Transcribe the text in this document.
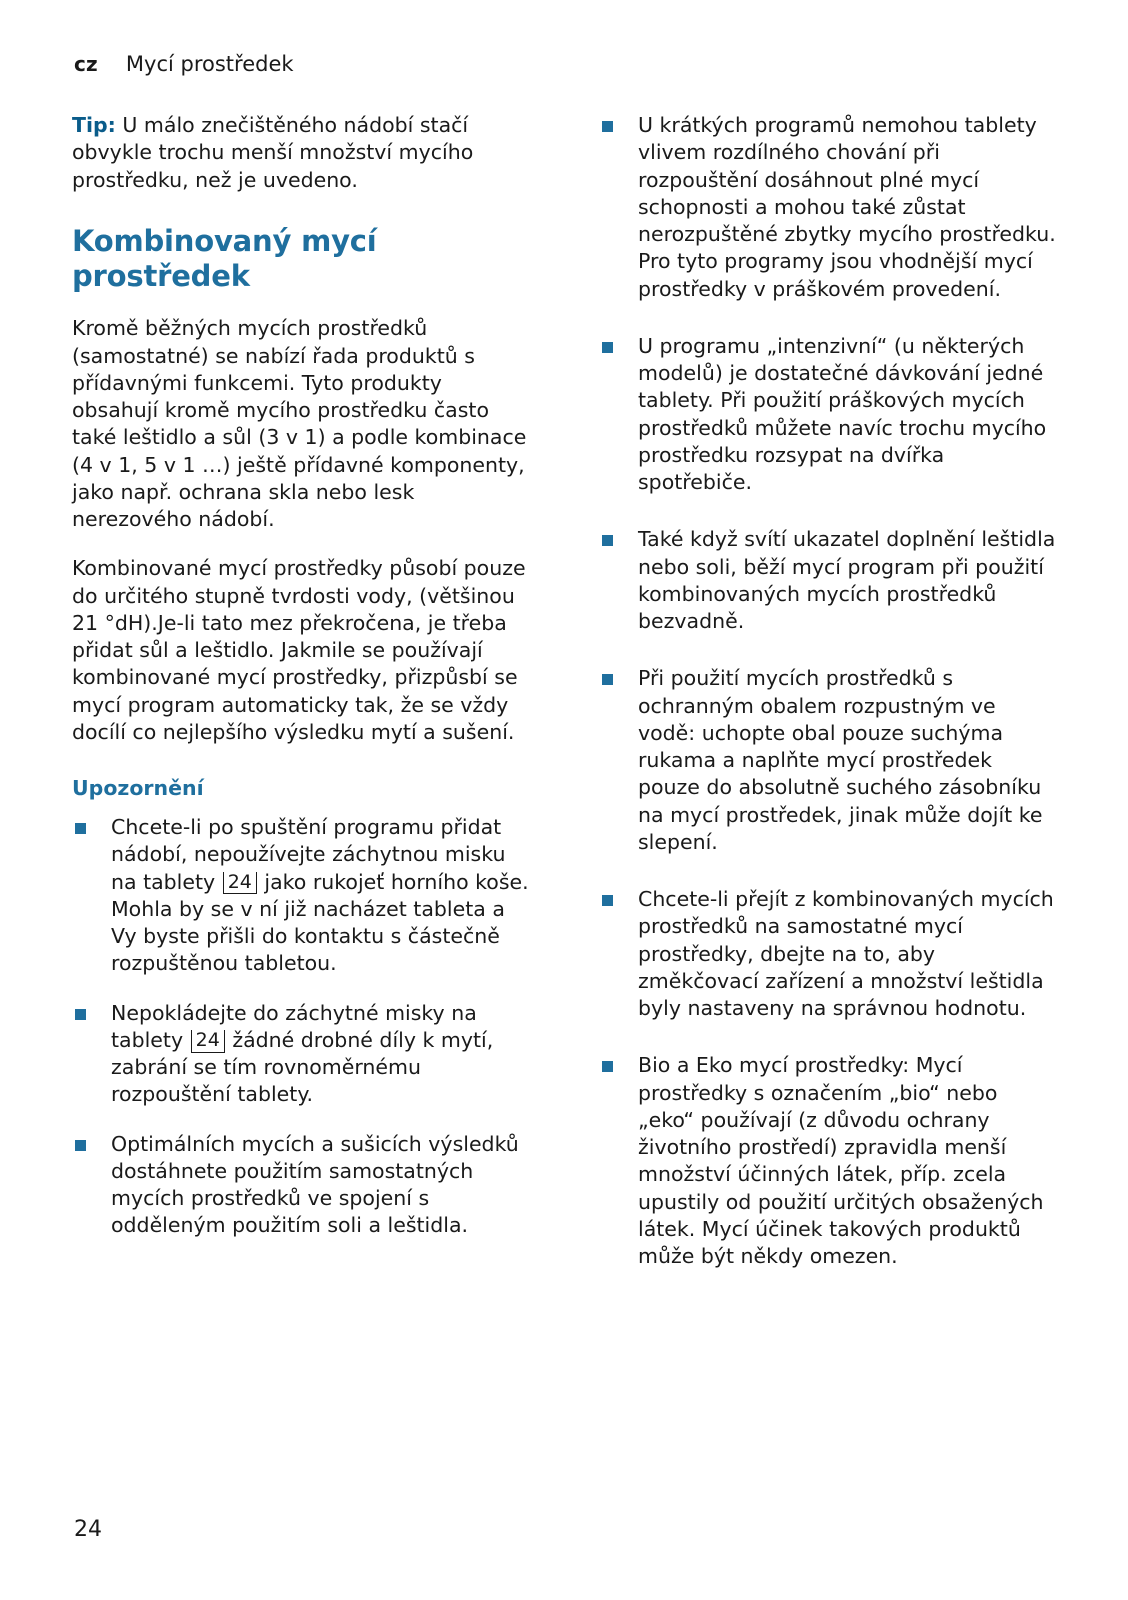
cz Mycí prostředek

Tip: U málo znečištěného nádobí stačí obvykle trochu menší množství mycího prostředku, než je uvedeno.

Kombinovaný mycí prostředek

Kromě běžných mycích prostředků (samostatné) se nabízí řada produktů s přídavnými funkcemi. Tyto produkty obsahují kromě mycího prostředku často také leštidlo a sůl (3 v 1) a podle kombinace (4 v 1, 5 v 1 …) ještě přídavné komponenty, jako např. ochrana skla nebo lesk nerezového nádobí.

Kombinované mycí prostředky působí pouze do určitého stupně tvrdosti vody, (většinou 21 °dH).Je-li tato mez překročena, je třeba přidat sůl a leštidlo. Jakmile se používají kombinované mycí prostředky, přizpůsbí se mycí program automaticky tak, že se vždy docílí co nejlepšího výsledku mytí a sušení.

Upozornění
Chcete-li po spuštění programu přidat nádobí, nepoužívejte záchytnou misku na tablety 24 jako rukojeť horního koše. Mohla by se v ní již nacházet tableta a Vy byste přišli do kontaktu s částečně rozpuštěnou tabletou.
Nepokládejte do záchytné misky na tablety 24 žádné drobné díly k mytí, zabrání se tím rovnoměrnému rozpouštění tablety.
Optimálních mycích a sušicích výsledků dostáhnete použitím samostatných mycích prostředků ve spojení s odděleným použitím soli a leštidla.
U krátkých programů nemohou tablety vlivem rozdílného chování při rozpouštění dosáhnout plné mycí schopnosti a mohou také zůstat nerozpuštěné zbytky mycího prostředku. Pro tyto programy jsou vhodnější mycí prostředky v práškovém provedení.
U programu „intenzivní“ (u některých modelů) je dostatečné dávkování jedné tablety. Při použití práškových mycích prostředků můžete navíc trochu mycího prostředku rozsypat na dvířka spotřebiče.
Také když svítí ukazatel doplnění leštidla nebo soli, běží mycí program při použití kombinovaných mycích prostředků bezvadně.
Při použití mycích prostředků s ochranným obalem rozpustným ve vodě: uchopte obal pouze suchýma rukama a naplňte mycí prostředek pouze do absolutně suchého zásobníku na mycí prostředek, jinak může dojít ke slepení.
Chcete-li přejít z kombinovaných mycích prostředků na samostatné mycí prostředky, dbejte na to, aby změkčovací zařízení a množství leštidla byly nastaveny na správnou hodnotu.
Bio a Eko mycí prostředky: Mycí prostředky s označením „bio“ nebo „eko“ používají (z důvodu ochrany životního prostředí) zpravidla menší množství účinných látek, příp. zcela upustily od použití určitých obsažených látek. Mycí účinek takových produktů může být někdy omezen.
24
